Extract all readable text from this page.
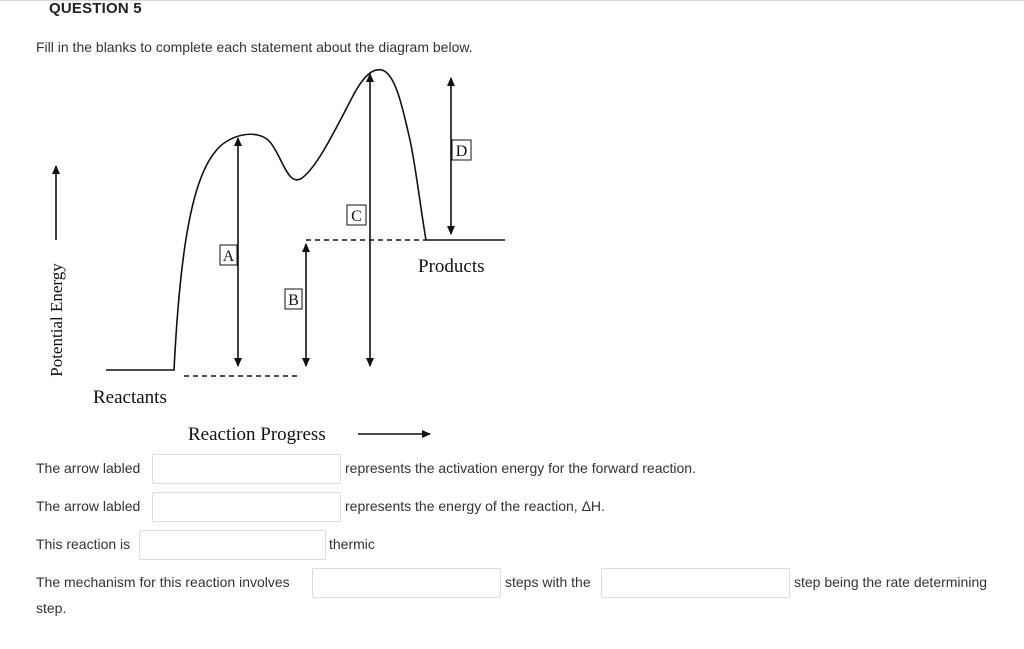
QUESTION 5
Fill in the blanks to complete each statement about the diagram below.
Potential Energy
A
B
C
D
Products
Reactants
Reaction Progress
The arrow labled	represents the activation energy for the forward reaction.
The arrow labled	represents the energy of the reaction, ΔH.
This reaction is	thermic
The mechanism for this reaction involves	steps with the	step being the rate determining
step.
